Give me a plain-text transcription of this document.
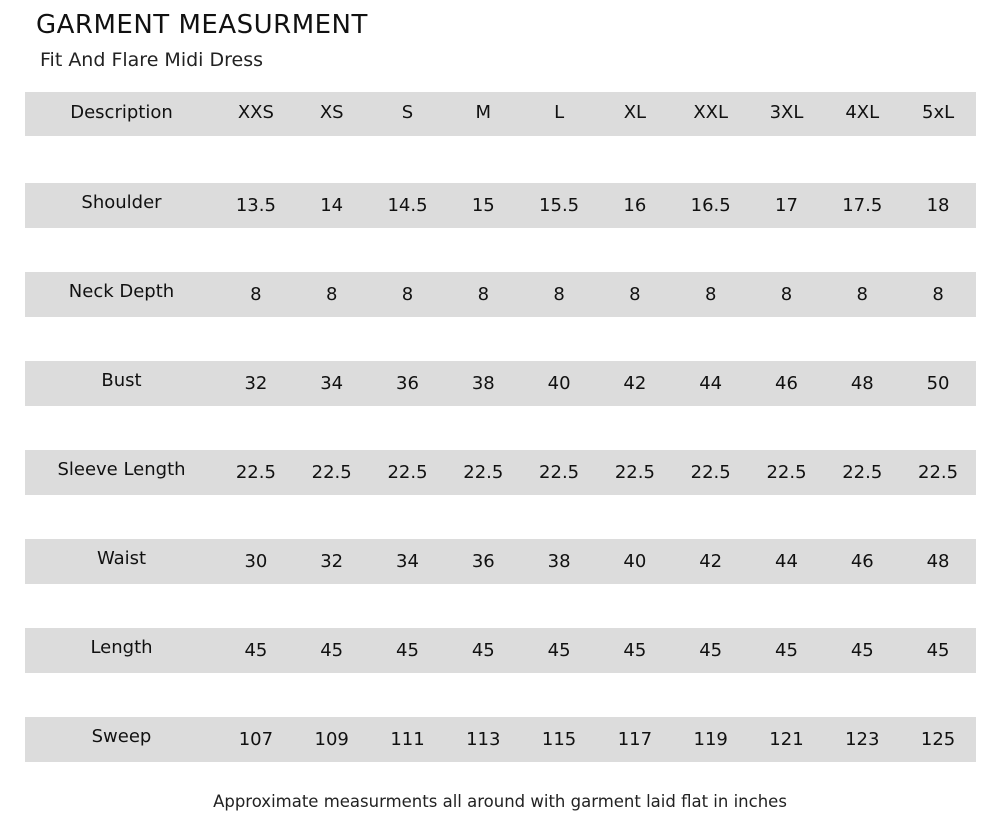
GARMENT MEASURMENT
Fit And Flare Midi Dress
Description	XXS	XS	S	M	L	XL	XXL	3XL	4XL	5xL
Shoulder	13.5	14	14.5	15	15.5	16	16.5	17	17.5	18
Neck Depth	8	8	8	8	8	8	8	8	8	8
Bust	32	34	36	38	40	42	44	46	48	50
Sleeve Length	22.5	22.5	22.5	22.5	22.5	22.5	22.5	22.5	22.5	22.5
Waist	30	32	34	36	38	40	42	44	46	48
Length	45	45	45	45	45	45	45	45	45	45
Sweep	107	109	111	113	115	117	119	121	123	125
Approximate measurments all around with garment laid flat in inches
